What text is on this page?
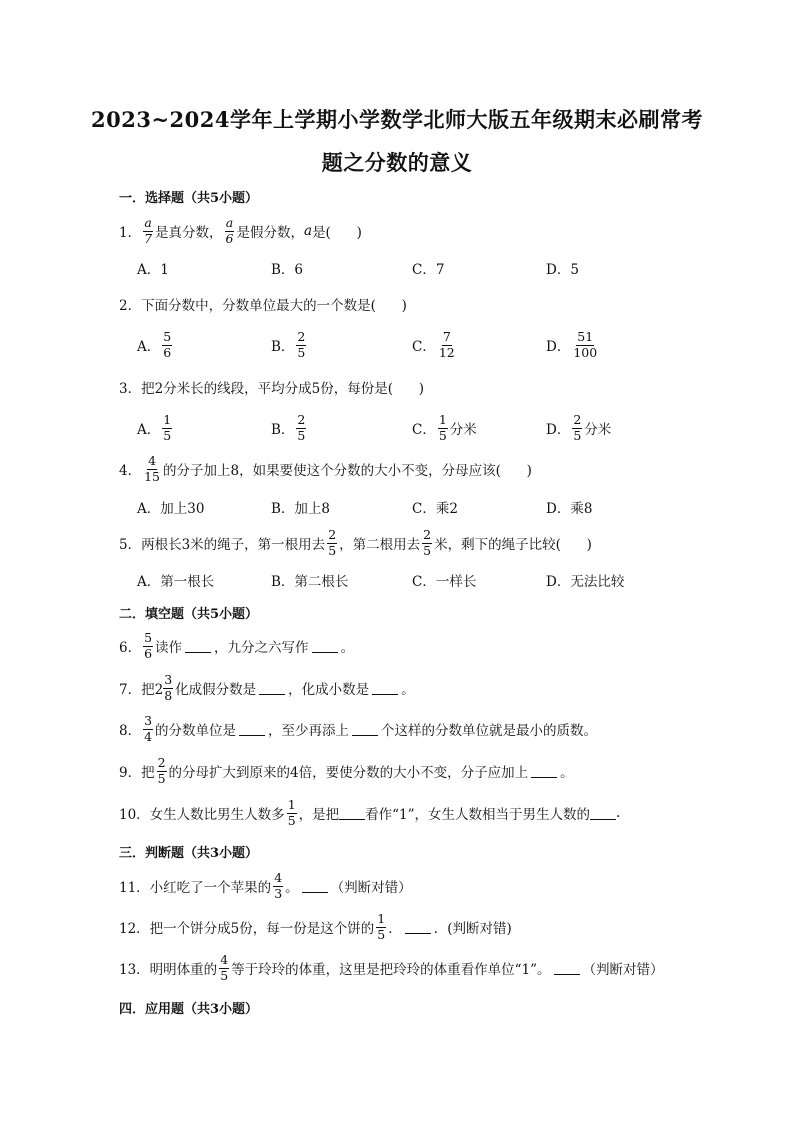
2023~2024学年上学期小学数学北师大版五年级期末必刷常考
题之分数的意义
一．选择题（共5小题）
1． $\frac{a}{7}$ 是真分数， $\frac{a}{6}$ 是假分数， a 是(      )
A．1	B．6	C．7	D．5
2．下面分数中，分数单位最大的一个数是(      )
A． $\frac{5}{6}$	B． $\frac{2}{5}$	C． $\frac{7}{12}$	D． $\frac{51}{100}$
3．把2分米长的线段，平均分成5份，每份是(      )
A． $\frac{1}{5}$	B． $\frac{2}{5}$	C． $\frac{1}{5}$ 分米	D． $\frac{2}{5}$ 分米
4． $\frac{4}{15}$ 的分子加上8，如果要使这个分数的大小不变，分母应该(      )
A．加上30	B．加上8	C．乘2	D．乘8
5．两根长3米的绳子，第一根用去 $\frac{2}{5}$ ，第二根用去 $\frac{2}{5}$ 米，剩下的绳子比较(      )
A．第一根长	B．第二根长	C．一样长	D．无法比较
二．填空题（共5小题）
6． $\frac{5}{6}$ 读作 ，九分之六写作 。
7．把$2 \frac{3}{8}$ 化成假分数是 ，化成小数是 。
8． $\frac{3}{4}$ 的分数单位是 ，至少再添上 个这样的分数单位就是最小的质数。
9．把 $\frac{2}{5}$ 的分母扩大到原来的4倍，要使分数的大小不变，分子应加上 。
10．女生人数比男生人数多 $\frac{1}{5}$ ，是把 看作“1”，女生人数相当于男生人数的 .
三．判断题（共3小题）
11．小红吃了一个苹果的 $\frac{4}{3}$ 。 （判断对错）
12．把一个饼分成5份，每一份是这个饼的 $\frac{1}{5}$ ． ．(判断对错)
13．明明体重的 $\frac{4}{5}$ 等于玲玲的体重，这里是把玲玲的体重看作单位“1”。 （判断对错）
四．应用题（共3小题）
